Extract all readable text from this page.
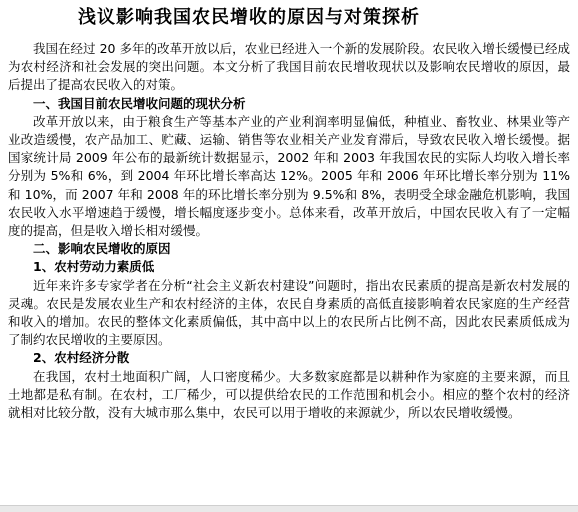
浅议影响我国农民增收的原因与对策探析

我国在经过 20 多年的改革开放以后，农业已经进入一个新的发展阶段。农民收入增长缓慢已经成为农村经济和社会发展的突出问题。本文分析了我国目前农民增收现状以及影响农民增收的原因，最后提出了提高农民收入的对策。

一、我国目前农民增收问题的现状分析

改革开放以来，由于粮食生产等基本产业的产业利润率明显偏低，种植业、畜牧业、林果业等产业改造缓慢，农产品加工、贮藏、运输、销售等农业相关产业发育滞后，导致农民收入增长缓慢。据国家统计局 2009 年公布的最新统计数据显示，2002 年和 2003 年我国农民的实际人均收入增长率分别为 5%和 6%，到 2004 年环比增长率高达 12%。2005 年和 2006 年环比增长率分别为 11%和 10%，而 2007 年和 2008 年的环比增长率分别为 9.5%和 8%，表明受全球金融危机影响，我国农民收入水平增速趋于缓慢，增长幅度逐步变小。总体来看，改革开放后，中国农民收入有了一定幅度的提高，但是收入增长相对缓慢。

二、影响农民增收的原因
1、农村劳动力素质低

近年来许多专家学者在分析“社会主义新农村建设”问题时，指出农民素质的提高是新农村发展的灵魂。农民是发展农业生产和农村经济的主体，农民自身素质的高低直接影响着农民家庭的生产经营和收入的增加。农民的整体文化素质偏低，其中高中以上的农民所占比例不高，因此农民素质低成为了制约农民增收的主要原因。

2、农村经济分散

在我国，农村土地面积广阔，人口密度稀少。大多数家庭都是以耕种作为家庭的主要来源，而且土地都是私有制。在农村，工厂稀少，可以提供给农民的工作范围和机会小。相应的整个农村的经济就相对比较分散，没有大城市那么集中，农民可以用于增收的来源就少，所以农民增收缓慢。
